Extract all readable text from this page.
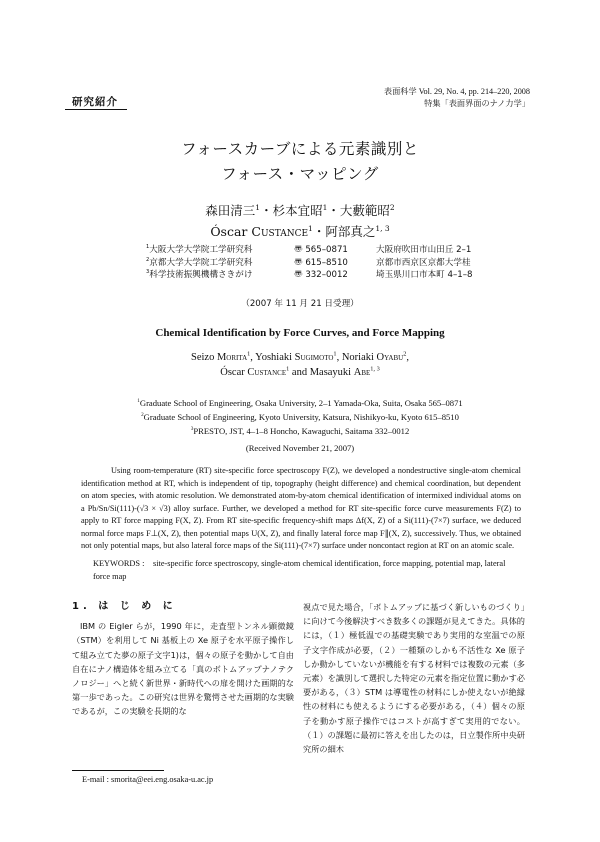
研究紹介
表面科学 Vol. 29, No. 4, pp. 214–220, 2008
特集「表面界面のナノ力学」
フォースカーブによる元素識別と
フォース・マッピング
森田清三$^1$・杉本宜昭$^1$・大藪範昭$^2$
Óscar Custance$^1$・阿部真之$^{1, 3}$
$^1$大阪大学大学院工学研究科	〠 565–0871	大阪府吹田市山田丘 2–1
$^2$京都大学大学院工学研究科	〠 615–8510	京都市西京区京都大学桂
$^3$科学技術振興機構さきがけ	〠 332–0012	埼玉県川口市本町 4–1–8
（2007 年 11 月 21 日受理）
Chemical Identification by Force Curves, and Force Mapping
Seizo Morita$^1$, Yoshiaki Sugimoto$^1$, Noriaki Oyabu$^2$,
Óscar Custance$^1$ and Masayuki Abe$^{1, 3}$
$^1$Graduate School of Engineering, Osaka University, 2–1 Yamada-Oka, Suita, Osaka 565–0871
$^2$Graduate School of Engineering, Kyoto University, Katsura, Nishikyo-ku, Kyoto 615–8510
$^3$PRESTO, JST, 4–1–8 Honcho, Kawaguchi, Saitama 332–0012
(Received November 21, 2007)

Using room-temperature (RT) site-specific force spectroscopy F(Z), we developed a nondestructive single-atom chemical identification method at RT, which is independent of tip, topography (height difference) and chemical coordination, but dependent on atom species, with atomic resolution. We demonstrated atom-by-atom chemical identification of intermixed individual atoms on a Pb/Sn/Si(111)-(√3 × √3) alloy surface. Further, we developed a method for RT site-specific force curve measurements F(Z) to apply to RT force mapping F(X, Z). From RT site-specific frequency-shift maps Δf(X, Z) of a Si(111)-(7×7) surface, we deduced normal force maps F⊥(X, Z), then potential maps U(X, Z), and finally lateral force map F∥(X, Z), successively. Thus, we obtained not only potential maps, but also lateral force maps of the Si(111)-(7×7) surface under noncontact region at RT on an atomic scale.

KEYWORDS : site-specific force spectroscopy, single-atom chemical identification, force mapping, potential map, lateral force map

1. は じ め に

IBM の Eigler らが，1990 年に，走査型トンネル顕微鏡（STM）を利用して Ni 基板上の Xe 原子を水平原子操作して組み立てた夢の原子文字1)は，個々の原子を動かして自由自在にナノ構造体を組み立てる「真のボトムアップナノテクノロジー」へと続く新世界・新時代への扉を開けた画期的な第一歩であった。この研究は世界を驚愕させた画期的な実験であるが，この実験を長期的な

視点で見た場合，「ボトムアップに基づく新しいものづくり」に向けて今後解決すべき数多くの課題が見えてきた。具体的には，（１）極低温での基礎実験であり実用的な室温での原子文字作成が必要，（２）一種類のしかも不活性な Xe 原子しか動かしていないが機能を有する材料では複数の元素（多元素）を識別して選択した特定の元素を指定位置に動かす必要がある，（３）STM は導電性の材料にしか使えないが絶縁性の材料にも使えるようにする必要がある，（４）個々の原子を動かす原子操作ではコストが高すぎて実用的でない。（１）の課題に最初に答えを出したのは，日立製作所中央研究所の細木

E-mail : smorita@eei.eng.osaka-u.ac.jp
